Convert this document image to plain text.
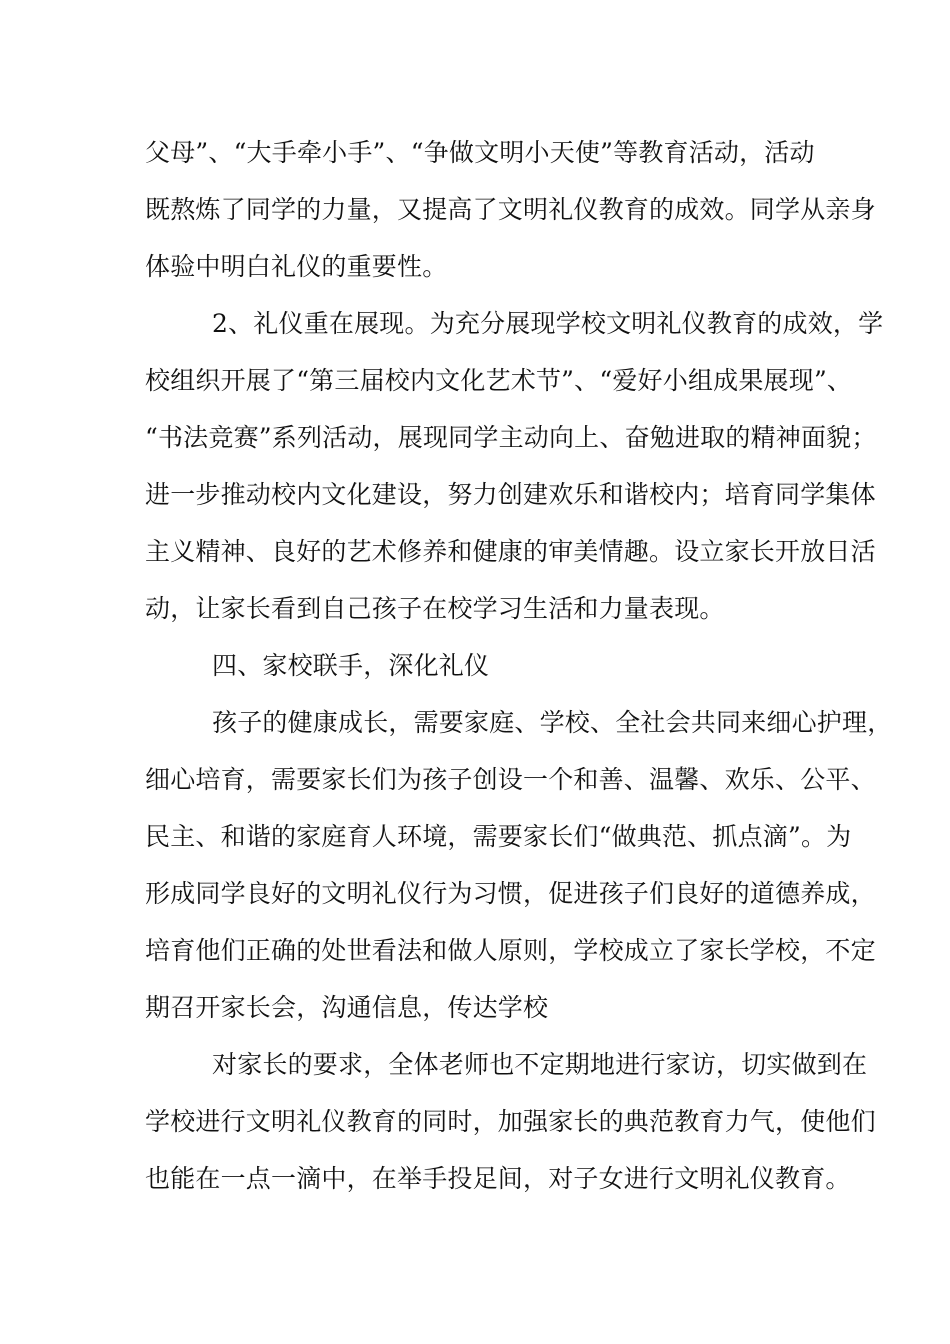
父母”、“大手牵小手”、“争做文明小天使”等教育活动，活动
既熬炼了同学的力量，又提高了文明礼仪教育的成效。同学从亲身
体验中明白礼仪的重要性。
2、礼仪重在展现。为充分展现学校文明礼仪教育的成效，学
校组织开展了“第三届校内文化艺术节”、“爱好小组成果展现”、
“书法竞赛”系列活动，展现同学主动向上、奋勉进取的精神面貌；
进一步推动校内文化建设，努力创建欢乐和谐校内；培育同学集体
主义精神、良好的艺术修养和健康的审美情趣。设立家长开放日活
动，让家长看到自己孩子在校学习生活和力量表现。
四、家校联手，深化礼仪
孩子的健康成长，需要家庭、学校、全社会共同来细心护理，
细心培育，需要家长们为孩子创设一个和善、温馨、欢乐、公平、
民主、和谐的家庭育人环境，需要家长们“做典范、抓点滴”。为
形成同学良好的文明礼仪行为习惯，促进孩子们良好的道德养成，
培育他们正确的处世看法和做人原则，学校成立了家长学校，不定
期召开家长会，沟通信息，传达学校
对家长的要求，全体老师也不定期地进行家访，切实做到在
学校进行文明礼仪教育的同时，加强家长的典范教育力气，使他们
也能在一点一滴中，在举手投足间，对子女进行文明礼仪教育。
